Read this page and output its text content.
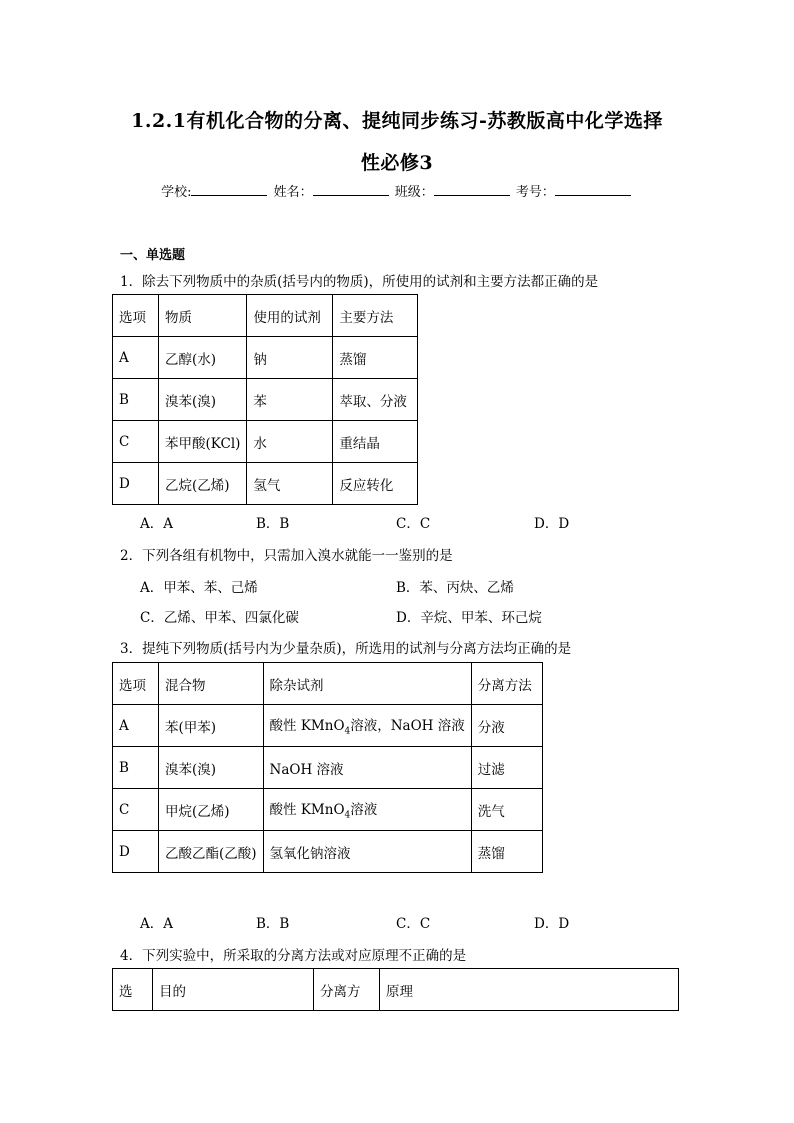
1.2.1有机化合物的分离、提纯同步练习-苏教版高中化学选择
性必修3
学校:	姓名：	班级：	考号：
一、单选题
1．除去下列物质中的杂质(括号内的物质)，所使用的试剂和主要方法都正确的是
选项	物质	使用的试剂	主要方法
A	乙醇(水)	钠	蒸馏
B	溴苯(溴)	苯	萃取、分液
C	苯甲酸(KCl)	水	重结晶
D	乙烷(乙烯)	氢气	反应转化
A．A	B．B	C．C	D．D
2．下列各组有机物中，只需加入溴水就能一一鉴别的是
A．甲苯、苯、己烯	B．苯、丙炔、乙烯
C．乙烯、甲苯、四氯化碳	D．辛烷、甲苯、环己烷
3．提纯下列物质(括号内为少量杂质)，所选用的试剂与分离方法均正确的是
选项	混合物	除杂试剂	分离方法
A	苯(甲苯)	酸性 KMnO$_4$溶液，NaOH 溶液	分液
B	溴苯(溴)	NaOH 溶液	过滤
C	甲烷(乙烯)	酸性 KMnO$_4$溶液	洗气
D	乙酸乙酯(乙酸)	氢氧化钠溶液	蒸馏
A．A	B．B	C．C	D．D
4．下列实验中，所采取的分离方法或对应原理不正确的是
选	目的	分离方	原理
